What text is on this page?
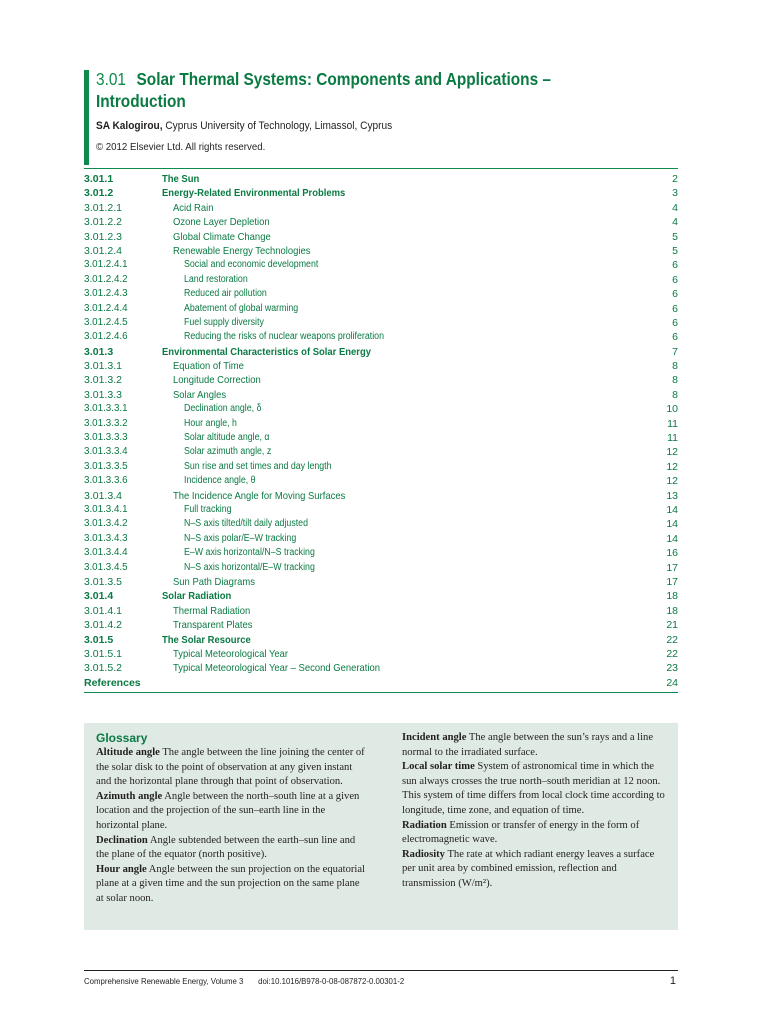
3.01 Solar Thermal Systems: Components and Applications – Introduction
SA Kalogirou, Cyprus University of Technology, Limassol, Cyprus
© 2012 Elsevier Ltd. All rights reserved.
3.01.1	The Sun	2
3.01.2	Energy-Related Environmental Problems	3
3.01.2.1	Acid Rain	4
3.01.2.2	Ozone Layer Depletion	4
3.01.2.3	Global Climate Change	5
3.01.2.4	Renewable Energy Technologies	5
3.01.2.4.1	Social and economic development	6
3.01.2.4.2	Land restoration	6
3.01.2.4.3	Reduced air pollution	6
3.01.2.4.4	Abatement of global warming	6
3.01.2.4.5	Fuel supply diversity	6
3.01.2.4.6	Reducing the risks of nuclear weapons proliferation	6
3.01.3	Environmental Characteristics of Solar Energy	7
3.01.3.1	Equation of Time	8
3.01.3.2	Longitude Correction	8
3.01.3.3	Solar Angles	8
3.01.3.3.1	Declination angle, δ	10
3.01.3.3.2	Hour angle, h	11
3.01.3.3.3	Solar altitude angle, α	11
3.01.3.3.4	Solar azimuth angle, z	12
3.01.3.3.5	Sun rise and set times and day length	12
3.01.3.3.6	Incidence angle, θ	12
3.01.3.4	The Incidence Angle for Moving Surfaces	13
3.01.3.4.1	Full tracking	14
3.01.3.4.2	N–S axis tilted/tilt daily adjusted	14
3.01.3.4.3	N–S axis polar/E–W tracking	14
3.01.3.4.4	E–W axis horizontal/N–S tracking	16
3.01.3.4.5	N–S axis horizontal/E–W tracking	17
3.01.3.5	Sun Path Diagrams	17
3.01.4	Solar Radiation	18
3.01.4.1	Thermal Radiation	18
3.01.4.2	Transparent Plates	21
3.01.5	The Solar Resource	22
3.01.5.1	Typical Meteorological Year	22
3.01.5.2	Typical Meteorological Year – Second Generation	23
References	24
Glossary
Altitude angle The angle between the line joining the center of the solar disk to the point of observation at any given instant and the horizontal plane through that point of observation.
Azimuth angle Angle between the north–south line at a given location and the projection of the sun–earth line in the horizontal plane.
Declination Angle subtended between the earth–sun line and the plane of the equator (north positive).
Hour angle Angle between the sun projection on the equatorial plane at a given time and the sun projection on the same plane at solar noon.
Incident angle The angle between the sun’s rays and a line normal to the irradiated surface.
Local solar time System of astronomical time in which the sun always crosses the true north–south meridian at 12 noon. This system of time differs from local clock time according to longitude, time zone, and equation of time.
Radiation Emission or transfer of energy in the form of electromagnetic wave.
Radiosity The rate at which radiant energy leaves a surface per unit area by combined emission, reflection and transmission (W/m²).
Comprehensive Renewable Energy, Volume 3 doi:10.1016/B978-0-08-087872-0.00301-2	1
